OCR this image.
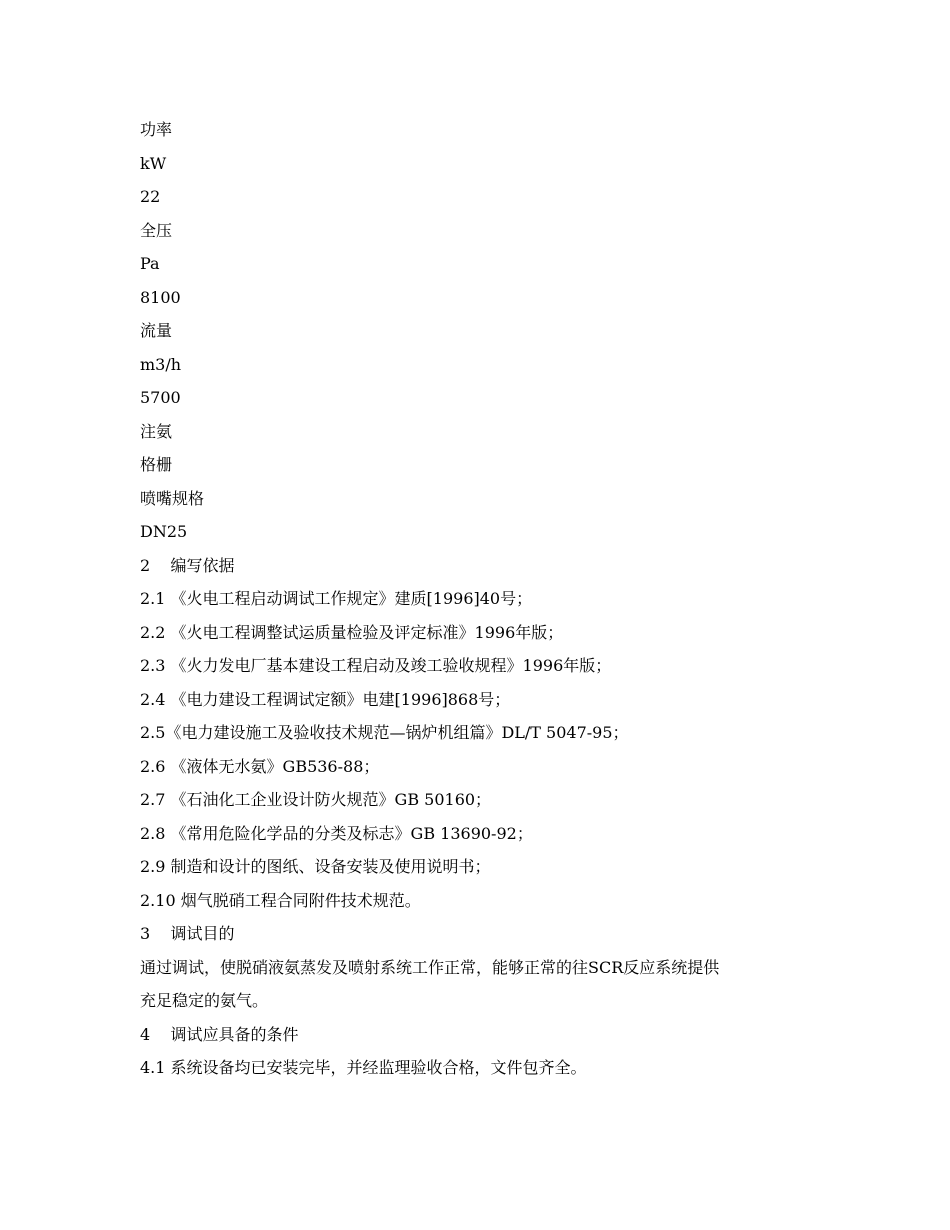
功率
kW
22
全压
Pa
8100
流量
m3/h
5700
注氨
格栅
喷嘴规格
DN25
2    编写依据
2.1 《火电工程启动调试工作规定》建质[1996]40号；
2.2 《火电工程调整试运质量检验及评定标准》1996年版；
2.3 《火力发电厂基本建设工程启动及竣工验收规程》1996年版；
2.4 《电力建设工程调试定额》电建[1996]868号；
2.5《电力建设施工及验收技术规范—锅炉机组篇》DL/T 5047-95；
2.6 《液体无水氨》GB536-88；
2.7 《石油化工企业设计防火规范》GB 50160；
2.8 《常用危险化学品的分类及标志》GB 13690-92；
2.9 制造和设计的图纸、设备安装及使用说明书；
2.10 烟气脱硝工程合同附件技术规范。
3    调试目的
通过调试，使脱硝液氨蒸发及喷射系统工作正常，能够正常的往SCR反应系统提供
充足稳定的氨气。
4    调试应具备的条件
4.1 系统设备均已安装完毕，并经监理验收合格，文件包齐全。
